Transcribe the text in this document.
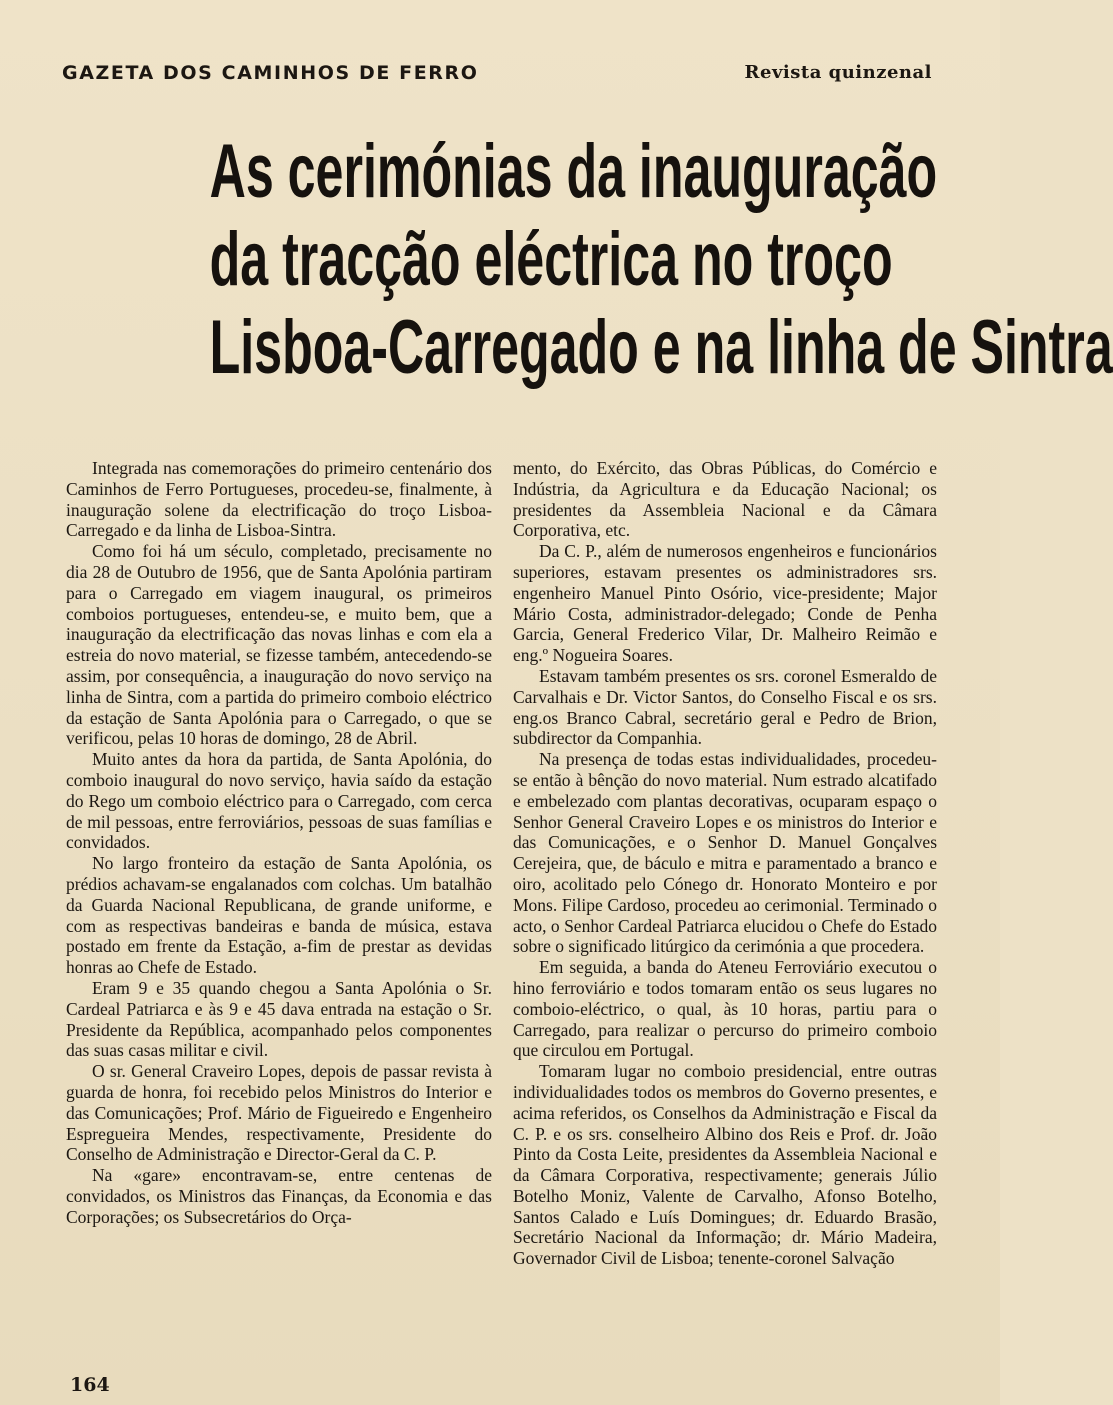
GAZETA DOS CAMINHOS DE FERRO	Revista quinzenal
As cerimónias da inauguração
da tracção eléctrica no troço
Lisboa-Carregado e na linha de Sintra

Integrada nas comemorações do primeiro centenário dos Caminhos de Ferro Portugueses, procedeu-se, finalmente, à inauguração solene da electrificação do troço Lisboa-Carregado e da linha de Lisboa-Sintra.

Como foi há um século, completado, precisamente no dia 28 de Outubro de 1956, que de Santa Apolónia partiram para o Carregado em viagem inaugural, os primeiros comboios portugueses, entendeu-se, e muito bem, que a inauguração da electrificação das novas linhas e com ela a estreia do novo material, se fizesse também, antecedendo-se assim, por consequência, a inauguração do novo serviço na linha de Sintra, com a partida do primeiro comboio eléctrico da estação de Santa Apolónia para o Carregado, o que se verificou, pelas 10 horas de domingo, 28 de Abril.

Muito antes da hora da partida, de Santa Apolónia, do comboio inaugural do novo serviço, havia saído da estação do Rego um comboio eléctrico para o Carregado, com cerca de mil pessoas, entre ferroviários, pessoas de suas famílias e convidados.

No largo fronteiro da estação de Santa Apolónia, os prédios achavam-se engalanados com colchas. Um batalhão da Guarda Nacional Republicana, de grande uniforme, e com as respectivas bandeiras e banda de música, estava postado em frente da Estação, a-fim de prestar as devidas honras ao Chefe de Estado.

Eram 9 e 35 quando chegou a Santa Apolónia o Sr. Cardeal Patriarca e às 9 e 45 dava entrada na estação o Sr. Presidente da República, acompanhado pelos componentes das suas casas militar e civil.

O sr. General Craveiro Lopes, depois de passar revista à guarda de honra, foi recebido pelos Ministros do Interior e das Comunicações; Prof. Mário de Figueiredo e Engenheiro Espregueira Mendes, respectivamente, Presidente do Conselho de Administração e Director-Geral da C. P.

Na «gare» encontravam-se, entre centenas de convidados, os Ministros das Finanças, da Economia e das Corporações; os Subsecretários do Orça-

mento, do Exército, das Obras Públicas, do Comércio e Indústria, da Agricultura e da Educação Nacional; os presidentes da Assembleia Nacional e da Câmara Corporativa, etc.

Da C. P., além de numerosos engenheiros e funcionários superiores, estavam presentes os administradores srs. engenheiro Manuel Pinto Osório, vice-presidente; Major Mário Costa, administrador-delegado; Conde de Penha Garcia, General Frederico Vilar, Dr. Malheiro Reimão e eng.º Nogueira Soares.

Estavam também presentes os srs. coronel Esmeraldo de Carvalhais e Dr. Victor Santos, do Conselho Fiscal e os srs. eng.os Branco Cabral, secretário geral e Pedro de Brion, subdirector da Companhia.

Na presença de todas estas individualidades, procedeu-se então à bênção do novo material. Num estrado alcatifado e embelezado com plantas decorativas, ocuparam espaço o Senhor General Craveiro Lopes e os ministros do Interior e das Comunicações, e o Senhor D. Manuel Gonçalves Cerejeira, que, de báculo e mitra e paramentado a branco e oiro, acolitado pelo Cónego dr. Honorato Monteiro e por Mons. Filipe Cardoso, procedeu ao cerimonial. Terminado o acto, o Senhor Cardeal Patriarca elucidou o Chefe do Estado sobre o significado litúrgico da cerimónia a que procedera.

Em seguida, a banda do Ateneu Ferroviário executou o hino ferroviário e todos tomaram então os seus lugares no comboio-eléctrico, o qual, às 10 horas, partiu para o Carregado, para realizar o percurso do primeiro comboio que circulou em Portugal.

Tomaram lugar no comboio presidencial, entre outras individualidades todos os membros do Governo presentes, e acima referidos, os Conselhos da Administração e Fiscal da C. P. e os srs. conselheiro Albino dos Reis e Prof. dr. João Pinto da Costa Leite, presidentes da Assembleia Nacional e da Câmara Corporativa, respectivamente; generais Júlio Botelho Moniz, Valente de Carvalho, Afonso Botelho, Santos Calado e Luís Domingues; dr. Eduardo Brasão, Secretário Nacional da Informação; dr. Mário Madeira, Governador Civil de Lisboa; tenente-coronel Salvação

164
